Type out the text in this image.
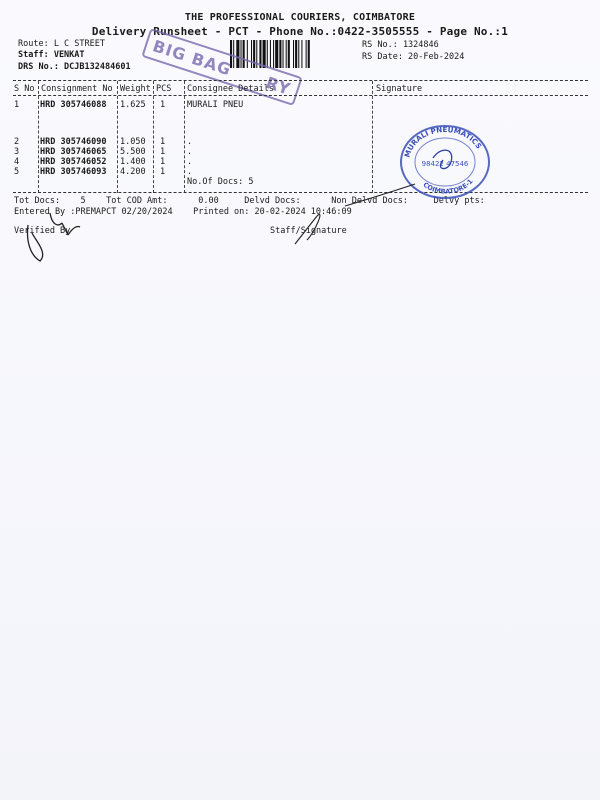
THE PROFESSIONAL COURIERS, COIMBATORE
Delivery Runsheet - PCT - Phone No.:0422-3505555 - Page No.:1
Route: L C STREET
Staff: VENKAT
DRS No.: DCJB132484601
RS No.: 1324846
RS Date: 20-Feb-2024
BIG BAG
RY
S No Consignment No Weight PCS Consignee Details	Signature
1 HRD 305746088 1.625 1	MURALI PNEU
2 HRD 305746090 1.050 1	.
3 HRD 305746065 5.500 1	.
4 HRD 305746052 1.400 1	.
5 HRD 305746093 4.200 1	.
No.Of Docs: 5
Tot Docs:    5    Tot COD Amt:      0.00     Delvd Docs:      Non Delvd Docs:     Delvy pts:
Entered By :PREMAPCT 02/20/2024    Printed on: 20-02-2024 10:46:09
Verified By	Staff/Signature
MURALI PNEUMATICS
COIMBATORE-1
98422 47546
